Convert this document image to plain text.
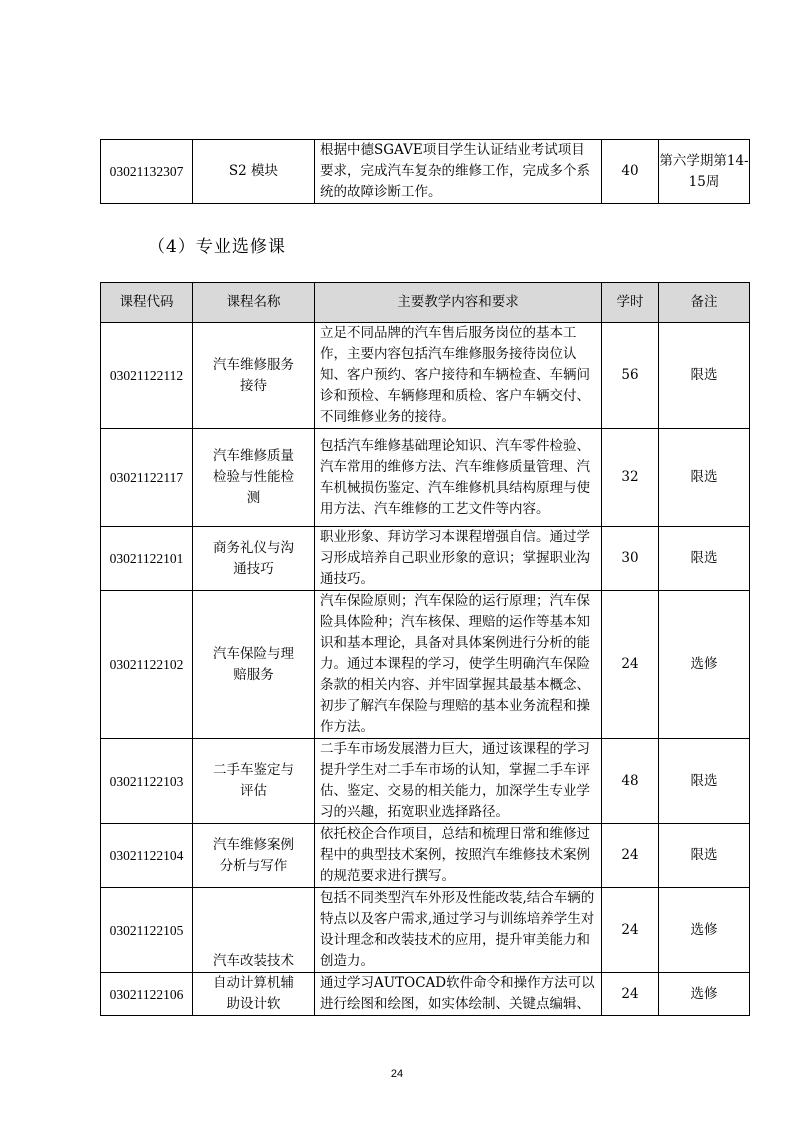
03021132307	S2 模块	根据中德SGAVE项目学生认证结业考试项目要求，完成汽车复杂的维修工作，完成多个系统的故障诊断工作。	40	第六学期第14-15周
（4）专业选修课
课程代码	课程名称	主要教学内容和要求	学时	备注
03021122112	汽车维修服务接待	立足不同品牌的汽车售后服务岗位的基本工作，主要内容包括汽车维修服务接待岗位认知、客户预约、客户接待和车辆检查、车辆问诊和预检、车辆修理和质检、客户车辆交付、不同维修业务的接待。	56	限选
03021122117	汽车维修质量检验与性能检测	包括汽车维修基础理论知识、汽车零件检验、汽车常用的维修方法、汽车维修质量管理、汽车机械损伤鉴定、汽车维修机具结构原理与使用方法、汽车维修的工艺文件等内容。	32	限选
03021122101	商务礼仪与沟通技巧	职业形象、拜访学习本课程增强自信。通过学习形成培养自己职业形象的意识；掌握职业沟通技巧。	30	限选
03021122102	汽车保险与理赔服务	汽车保险原则；汽车保险的运行原理；汽车保险具体险种；汽车核保、理赔的运作等基本知识和基本理论，具备对具体案例进行分析的能力。通过本课程的学习，使学生明确汽车保险条款的相关内容、并牢固掌握其最基本概念、初步了解汽车保险与理赔的基本业务流程和操作方法。	24	选修
03021122103	二手车鉴定与评估	二手车市场发展潜力巨大，通过该课程的学习提升学生对二手车市场的认知，掌握二手车评估、鉴定、交易的相关能力，加深学生专业学习的兴趣，拓宽职业选择路径。	48	限选
03021122104	汽车维修案例分析与写作	依托校企合作项目，总结和梳理日常和维修过程中的典型技术案例，按照汽车维修技术案例的规范要求进行撰写。	24	限选
03021122105	汽车改装技术	包括不同类型汽车外形及性能改装,结合车辆的特点以及客户需求,通过学习与训练培养学生对设计理念和改装技术的应用，提升审美能力和创造力。	24	选修
03021122106	自动计算机辅助设计软	通过学习AUTOCAD软件命令和操作方法可以进行绘图和绘图，如实体绘制、关键点编辑、	24	选修
24
